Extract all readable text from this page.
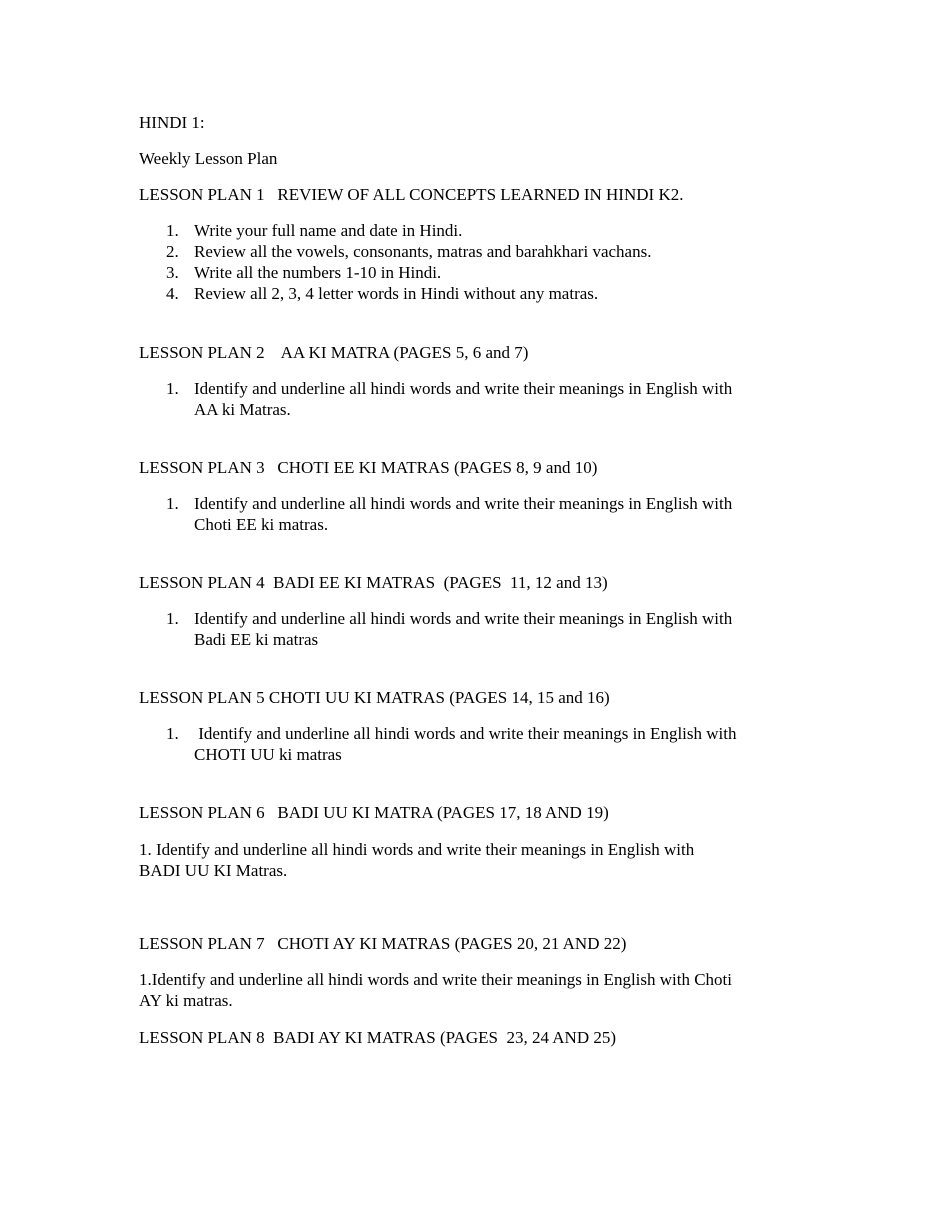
HINDI 1:
Weekly Lesson Plan
LESSON PLAN 1   REVIEW OF ALL CONCEPTS LEARNED IN HINDI K2.
1. Write your full name and date in Hindi.
2. Review all the vowels, consonants, matras and barahkhari vachans.
3. Write all the numbers 1-10 in Hindi.
4. Review all 2, 3, 4 letter words in Hindi without any matras.
LESSON PLAN 2    AA KI MATRA (PAGES 5, 6 and 7)
1. Identify and underline all hindi words and write their meanings in English with
AA ki Matras.
LESSON PLAN 3   CHOTI EE KI MATRAS (PAGES 8, 9 and 10)
1. Identify and underline all hindi words and write their meanings in English with
Choti EE ki matras.
LESSON PLAN 4  BADI EE KI MATRAS  (PAGES  11, 12 and 13)
1. Identify and underline all hindi words and write their meanings in English with
Badi EE ki matras
LESSON PLAN 5 CHOTI UU KI MATRAS (PAGES 14, 15 and 16)
1. Identify and underline all hindi words and write their meanings in English with
CHOTI UU ki matras
LESSON PLAN 6   BADI UU KI MATRA (PAGES 17, 18 AND 19)
1. Identify and underline all hindi words and write their meanings in English with
BADI UU KI Matras.
LESSON PLAN 7   CHOTI AY KI MATRAS (PAGES 20, 21 AND 22)
1.Identify and underline all hindi words and write their meanings in English with Choti
AY ki matras.
LESSON PLAN 8  BADI AY KI MATRAS (PAGES  23, 24 AND 25)
